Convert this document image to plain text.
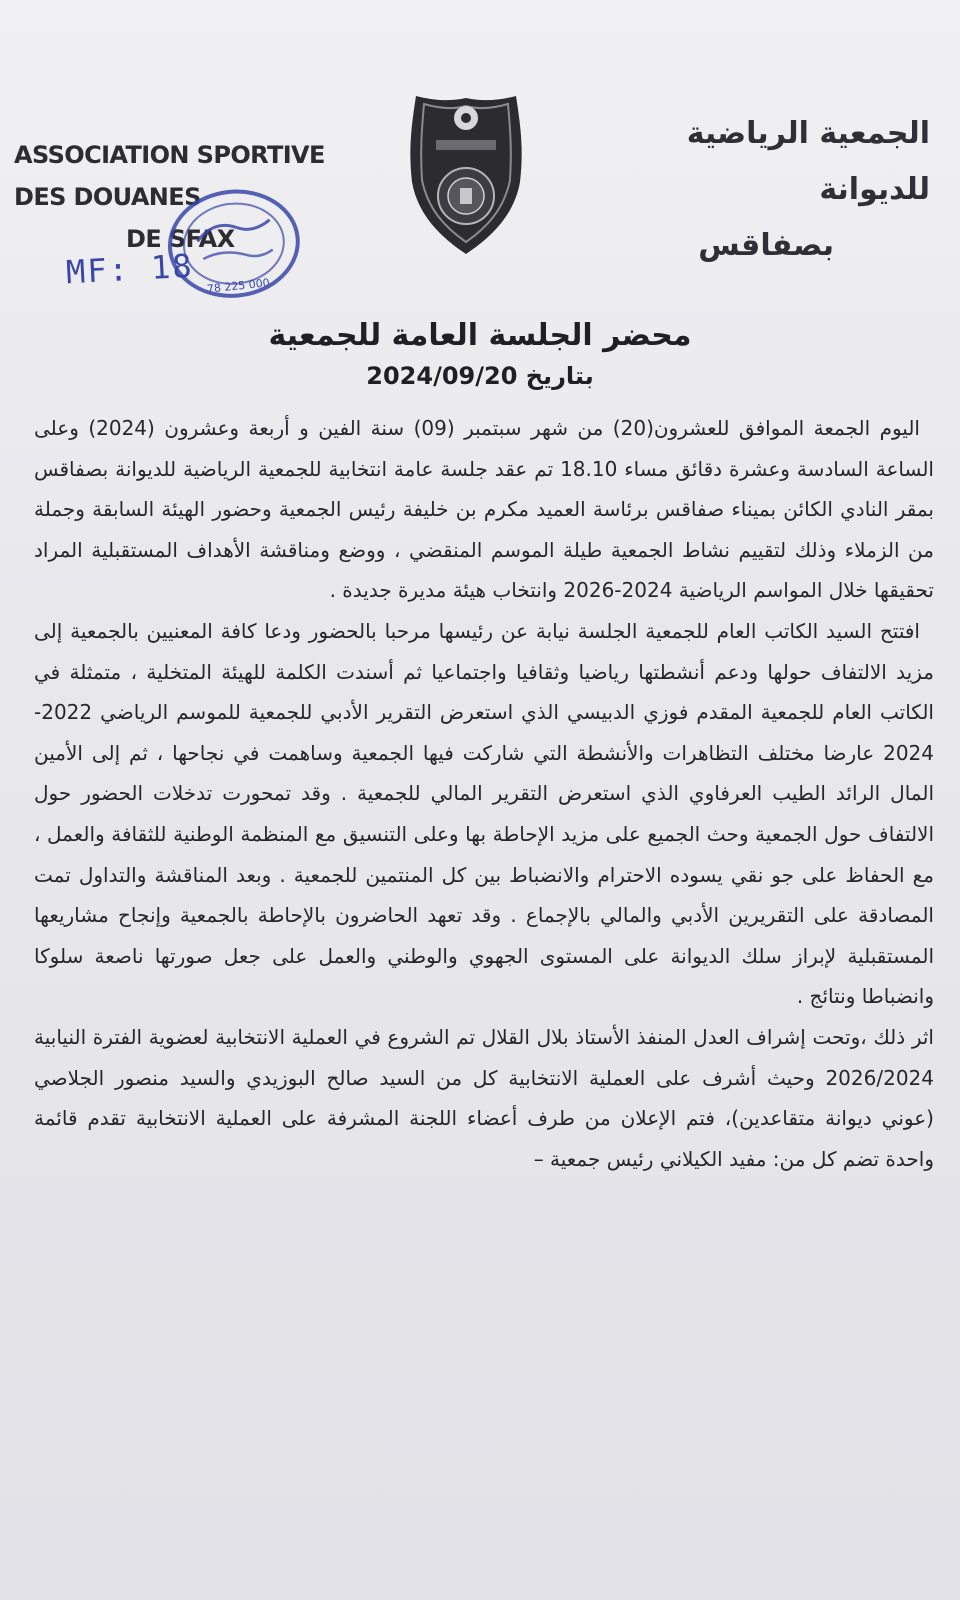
ASSOCIATION SPORTIVE DES DOUANES
DE SFAX
78 225 000
MF: 18
الجمعية الرياضية للديوانة
بصفاقس
محضر الجلسة العامة للجمعية
بتاريخ 2024/09/20

اليوم الجمعة الموافق للعشرون(20) من شهر سبتمبر (09) سنة الفين و أربعة وعشرون (2024) وعلى الساعة السادسة وعشرة دقائق مساء 18.10 تم عقد جلسة عامة انتخابية للجمعية الرياضية للديوانة بصفاقس بمقر النادي الكائن بميناء صفاقس برئاسة العميد مكرم بن خليفة رئيس الجمعية وحضور الهيئة السابقة وجملة من الزملاء وذلك لتقييم نشاط الجمعية طيلة الموسم المنقضي ، ووضع ومناقشة الأهداف المستقبلية المراد تحقيقها خلال المواسم الرياضية 2024-2026 وانتخاب هيئة مديرة جديدة .

افتتح السيد الكاتب العام للجمعية الجلسة نيابة عن رئيسها مرحبا بالحضور ودعا كافة المعنيين بالجمعية إلى مزيد الالتفاف حولها ودعم أنشطتها رياضيا وثقافيا واجتماعيا ثم أسندت الكلمة للهيئة المتخلية ، متمثلة في الكاتب العام للجمعية المقدم فوزي الدبيسي الذي استعرض التقرير الأدبي للجمعية للموسم الرياضي 2022-2024 عارضا مختلف التظاهرات والأنشطة التي شاركت فيها الجمعية وساهمت في نجاحها ، ثم إلى الأمين المال الرائد الطيب العرفاوي الذي استعرض التقرير المالي للجمعية . وقد تمحورت تدخلات الحضور حول الالتفاف حول الجمعية وحث الجميع على مزيد الإحاطة بها وعلى التنسيق مع المنظمة الوطنية للثقافة والعمل ، مع الحفاظ على جو نقي يسوده الاحترام والانضباط بين كل المنتمين للجمعية . وبعد المناقشة والتداول تمت المصادقة على التقريرين الأدبي والمالي بالإجماع . وقد تعهد الحاضرون بالإحاطة بالجمعية وإنجاح مشاريعها المستقبلية لإبراز سلك الديوانة على المستوى الجهوي والوطني والعمل على جعل صورتها ناصعة سلوكا وانضباطا ونتائج .

اثر ذلك ،وتحت إشراف العدل المنفذ الأستاذ بلال القلال تم الشروع في العملية الانتخابية لعضوية الفترة النيابية 2026/2024 وحيث أشرف على العملية الانتخابية كل من السيد صالح البوزيدي والسيد منصور الجلاصي (عوني ديوانة متقاعدين)، فتم الإعلان من طرف أعضاء اللجنة المشرفة على العملية الانتخابية تقدم قائمة واحدة تضم كل من: مفيد الكيلاني رئيس جمعية –
